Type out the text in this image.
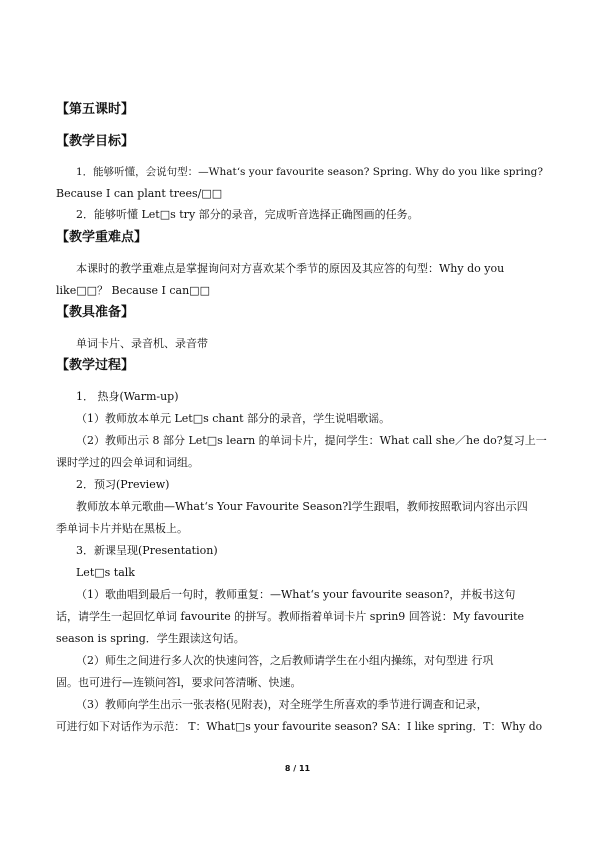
【第五课时】
【教学目标】
1．能够听懂，会说句型：—What‘s your favourite season? Spring. Why do you like spring?
Because I can plant trees/□□
2．能够听懂 Let□s try 部分的录音，完成听音选择正确图画的任务。
【教学重难点】
本课时的教学重难点是掌握询问对方喜欢某个季节的原因及其应答的句型：Why do you
like□□？ Because I can□□
【教具准备】
单词卡片、录音机、录音带
【教学过程】
1． 热身(Warm-up)
（1）教师放本单元 Let□s chant 部分的录音，学生说唱歌谣。
（2）教师出示 8 部分 Let□s learn 的单词卡片，提问学生：What call she／he do?复习上一
课时学过的四会单词和词组。
2．预习(Preview)
教师放本单元歌曲—What‘s Your Favourite Season?l学生跟唱，教师按照歌词内容出示四
季单词卡片并贴在黑板上。
3．新课呈现(Presentation)
Let□s talk
（1）歌曲唱到最后一句时，教师重复：—What‘s your favourite season?，并板书这句
话，请学生一起回忆单词 favourite 的拼写。教师指着单词卡片 sprin9 回答说：My favourite
season is spring．学生跟读这句话。
（2）师生之间进行多人次的快速问答，之后教师请学生在小组内操练，对句型进 行巩
固。也可进行—连锁问答l，要求问答清晰、快速。
（3）教师向学生出示一张表格(见附表)，对全班学生所喜欢的季节进行调查和记录，
可进行如下对话作为示范： T：What□s your favourite season? SA：I like spring．T：Why do
8 / 11
